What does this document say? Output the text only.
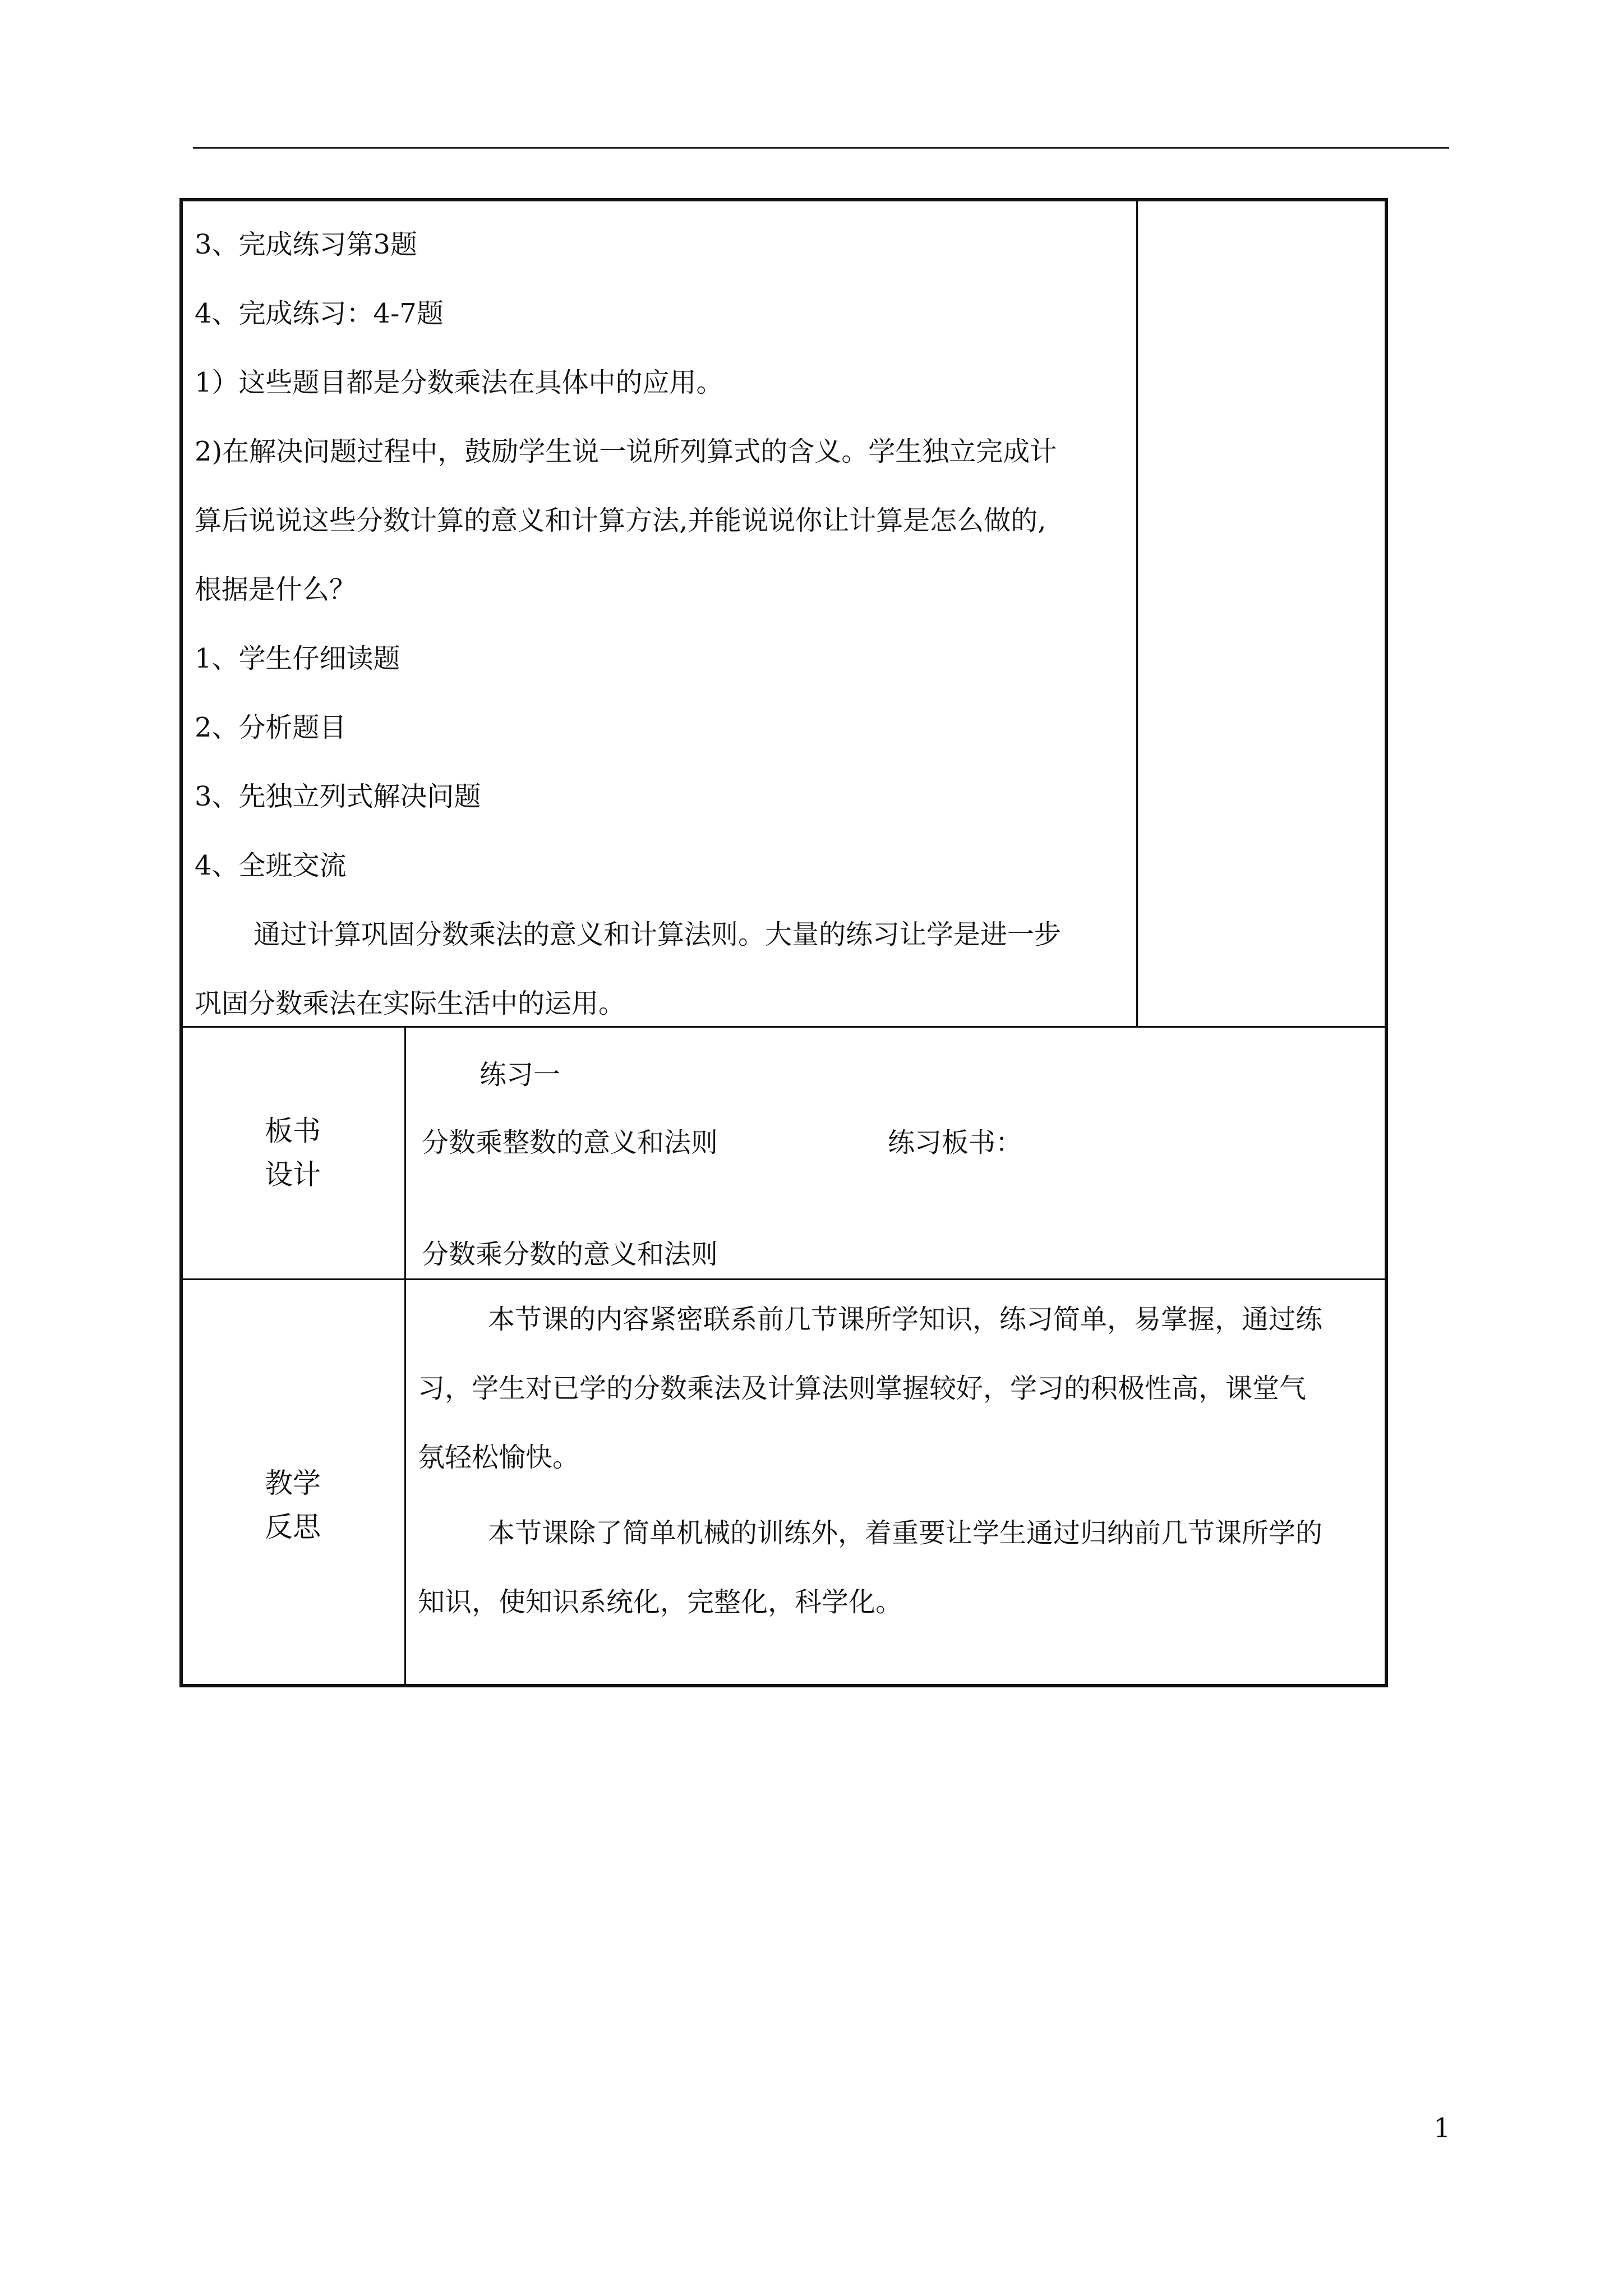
3、完成练习第3题
4、完成练习：4-7题
1）这些题目都是分数乘法在具体中的应用。
2)在解决问题过程中，鼓励学生说一说所列算式的含义。学生独立完成计
算后说说这些分数计算的意义和计算方法,并能说说你让计算是怎么做的,
根据是什么？
1、学生仔细读题
2、分析题目
3、先独立列式解决问题
4、全班交流
通过计算巩固分数乘法的意义和计算法则。大量的练习让学是进一步
巩固分数乘法在实际生活中的运用。
板书
设计
练习一
分数乘整数的意义和法则	练习板书：
分数乘分数的意义和法则
教学
反思
本节课的内容紧密联系前几节课所学知识，练习简单，易掌握，通过练
习，学生对已学的分数乘法及计算法则掌握较好，学习的积极性高，课堂气
氛轻松愉快。
本节课除了简单机械的训练外，着重要让学生通过归纳前几节课所学的
知识，使知识系统化，完整化，科学化。
1
